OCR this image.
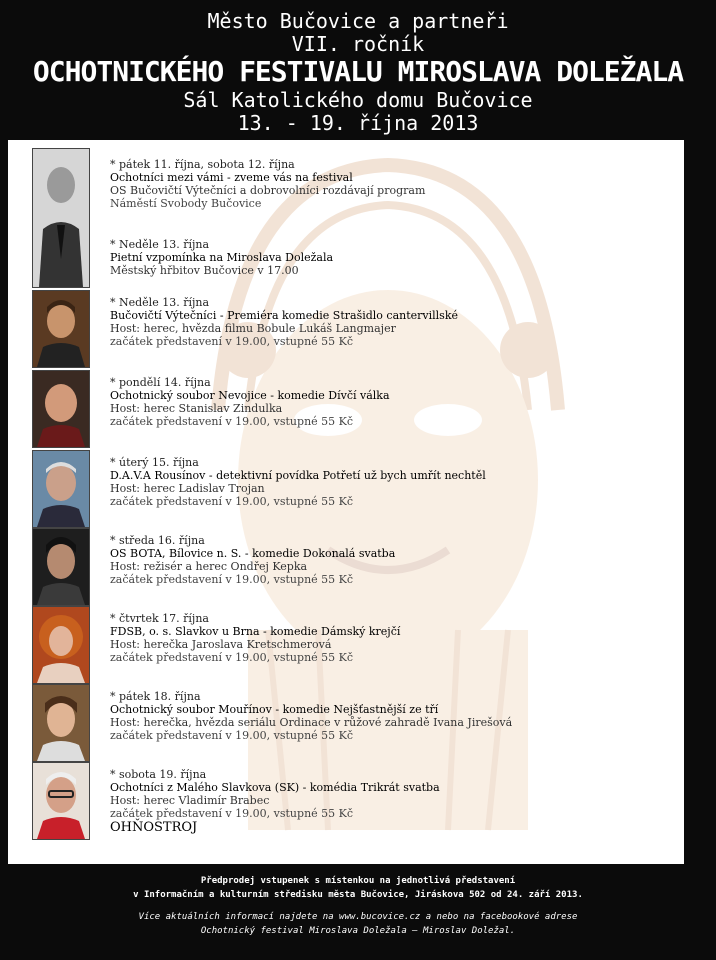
Město Bučovice a partneři
VII. ročník
OCHOTNICKÉHO FESTIVALU MIROSLAVA DOLEŽALA
Sál Katolického domu Bučovice
13. - 19. října 2013
* pátek 11. října, sobota 12. října
Ochotníci mezi vámi - zveme vás na festival
OS Bučovičtí Výtečníci a dobrovolníci rozdávají program
Náměstí Svobody Bučovice
* Neděle 13. října
Pietní vzpomínka na Miroslava Doležala
Městský hřbitov Bučovice v 17.00
* Neděle 13. října
Bučovičtí Výtečníci - Premiéra komedie Strašidlo cantervillské
Host: herec, hvězda filmu Bobule Lukáš Langmajer
začátek představení v 19.00, vstupné 55 Kč
* pondělí 14. října
Ochotnický soubor Nevojice - komedie Dívčí válka
Host: herec Stanislav Zindulka
začátek představení v 19.00, vstupné 55 Kč
* úterý 15. října
D.A.V.A Rousínov - detektivní povídka Potřetí už bych umřít nechtěl
Host: herec Ladislav Trojan
začátek představení v 19.00, vstupné 55 Kč
* středa 16. října
OS BOTA, Bílovice n. S. - komedie Dokonalá svatba
Host: režisér a herec Ondřej Kepka
začátek představení v 19.00, vstupné 55 Kč
* čtvrtek 17. října
FDSB, o. s. Slavkov u Brna - komedie Dámský krejčí
Host: herečka Jaroslava Kretschmerová
začátek představení v 19.00, vstupné 55 Kč
* pátek 18. října
Ochotnický soubor Mouřínov - komedie Nejšťastnější ze tří
Host: herečka, hvězda seriálu Ordinace v růžové zahradě Ivana Jirešová
začátek představení v 19.00, vstupné 55 Kč
* sobota 19. října
Ochotníci z Malého Slavkova (SK) - komédia Trikrát svatba
Host: herec Vladimír Brabec
začátek představení v 19.00, vstupné 55 Kč
OHŇOSTROJ
Předprodej vstupenek s místenkou na jednotlivá představení
v Informačním a kulturním středisku města Bučovice, Jiráskova 502 od 24. září 2013.
Více aktuálních informací najdete na www.bucovice.cz a nebo na facebookové adrese
Ochotnický festival Miroslava Doležala – Miroslav Doležal.
